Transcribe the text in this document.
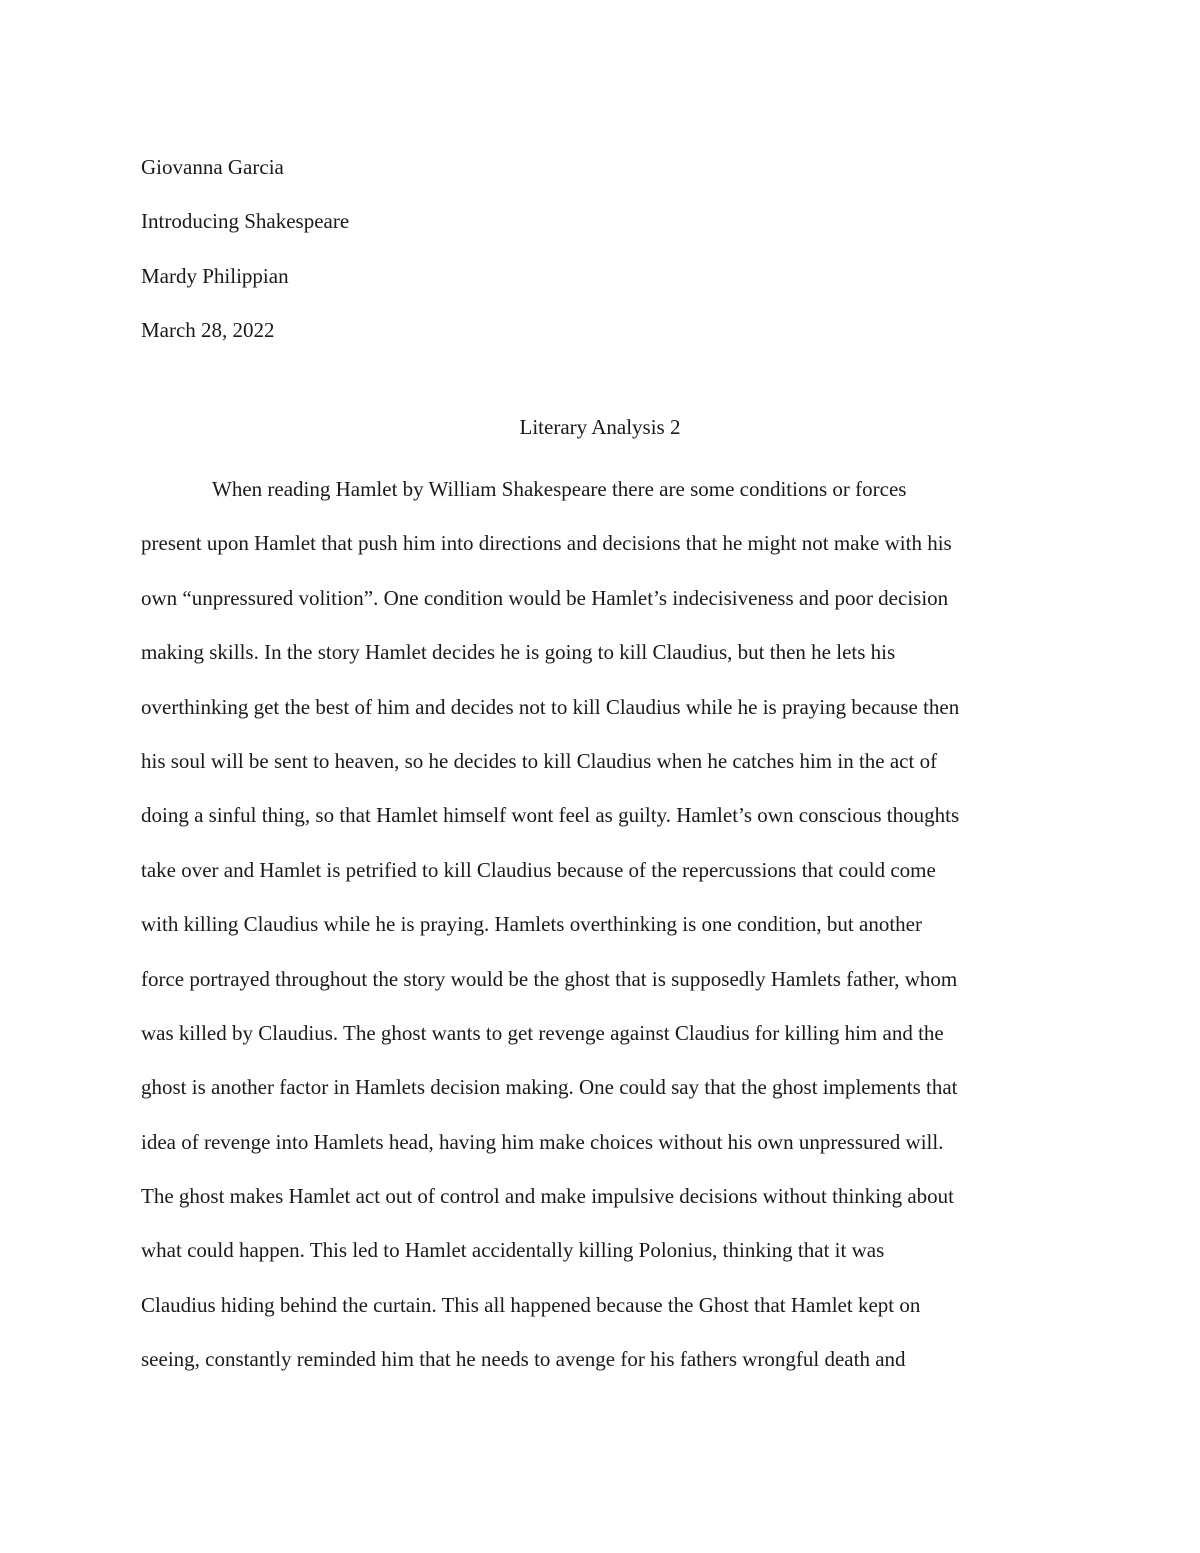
Giovanna Garcia
Introducing Shakespeare
Mardy Philippian
March 28, 2022
Literary Analysis 2
When reading Hamlet by William Shakespeare there are some conditions or forces
present upon Hamlet that push him into directions and decisions that he might not make with his
own “unpressured volition”. One condition would be Hamlet’s indecisiveness and poor decision
making skills. In the story Hamlet decides he is going to kill Claudius, but then he lets his
overthinking get the best of him and decides not to kill Claudius while he is praying because then
his soul will be sent to heaven, so he decides to kill Claudius when he catches him in the act of
doing a sinful thing, so that Hamlet himself wont feel as guilty. Hamlet’s own conscious thoughts
take over and Hamlet is petrified to kill Claudius because of the repercussions that could come
with killing Claudius while he is praying. Hamlets overthinking is one condition, but another
force portrayed throughout the story would be the ghost that is supposedly Hamlets father, whom
was killed by Claudius. The ghost wants to get revenge against Claudius for killing him and the
ghost is another factor in Hamlets decision making. One could say that the ghost implements that
idea of revenge into Hamlets head, having him make choices without his own unpressured will.
The ghost makes Hamlet act out of control and make impulsive decisions without thinking about
what could happen. This led to Hamlet accidentally killing Polonius, thinking that it was
Claudius hiding behind the curtain. This all happened because the Ghost that Hamlet kept on
seeing, constantly reminded him that he needs to avenge for his fathers wrongful death and
